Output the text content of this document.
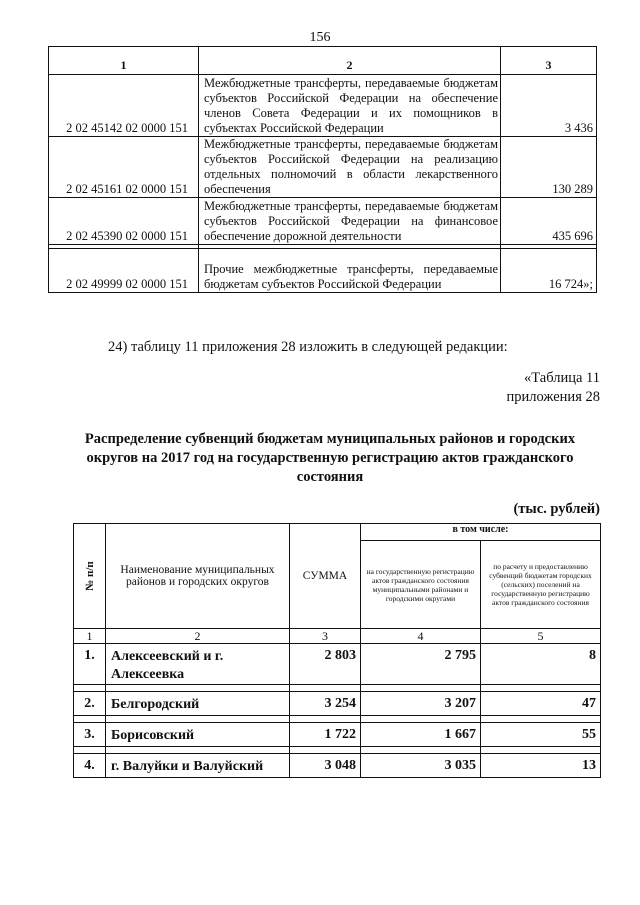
156
1	2	3
2 02 45142 02 0000 151	Межбюджетные трансферты, передаваемые бюджетам субъектов Российской Федерации на обеспечение членов Совета Федерации и их помощников в субъектах Российской Федерации	3 436
2 02 45161 02 0000 151	Межбюджетные трансферты, передаваемые бюджетам субъектов Российской Федерации на реализацию отдельных полномочий в области лекарственного обеспечения	130 289
2 02 45390 02 0000 151	Межбюджетные трансферты, передаваемые бюджетам субъектов Российской Федерации на финансовое обеспечение дорожной деятельности	435 696

2 02 49999 02 0000 151	Прочие межбюджетные трансферты, передаваемые бюджетам субъектов Российской Федерации	16 724»;
24) таблицу 11 приложения 28 изложить в следующей редакции:
«Таблица 11
приложения 28
Распределение субвенций бюджетам муниципальных районов и городских округов на 2017 год на государственную регистрацию актов гражданского состояния
(тыс. рублей)
№ п/п	Наименование муниципальных районов и городских округов	СУММА	в том числе:	
			на государственную регистрацию актов гражданского состояния муниципальными районами и городскими округами	по расчету и предоставлению субвенций бюджетам городских (сельских) поселений на государственную регистрацию актов гражданского состояния
1	2	3	4	5
1.	Алексеевский и г. Алексеевка	2 803	2 795	8

2.	Белгородский	3 254	3 207	47

3.	Борисовский	1 722	1 667	55

4.	г. Валуйки и Валуйский	3 048	3 035	13
